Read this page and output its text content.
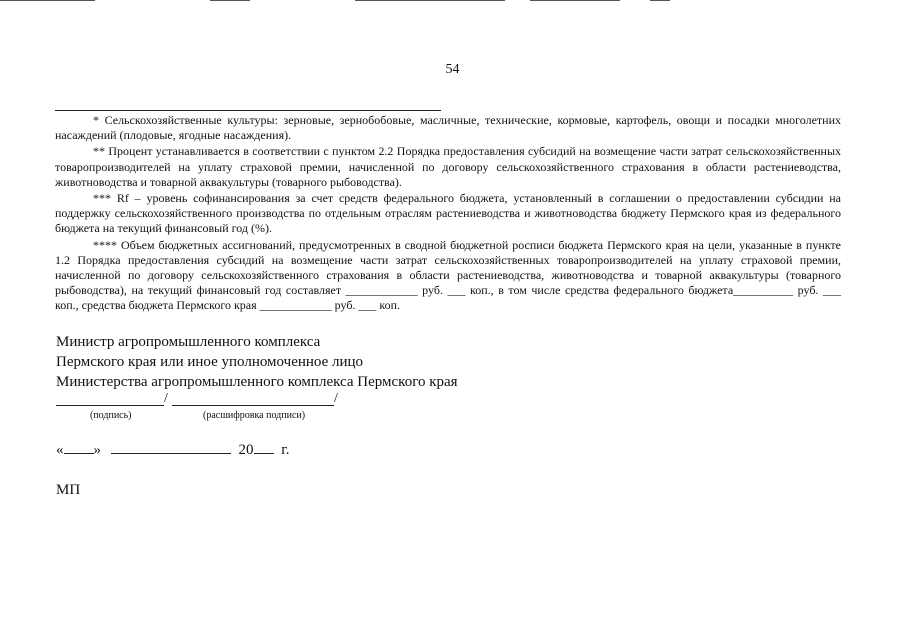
54

* Сельскохозяйственные культуры: зерновые, зернобобовые, масличные, технические, кормовые, картофель, овощи и посадки многолетних насаждений (плодовые, ягодные насаждения).

** Процент устанавливается в соответствии с пунктом 2.2 Порядка предоставления субсидий на возмещение части затрат сельскохозяйственных товаропроизводителей на уплату страховой премии, начисленной по договору сельскохозяйственного страхования в области растениеводства, животноводства и товарной аквакультуры (товарного рыбоводства).

*** Rf – уровень софинансирования за счет средств федерального бюджета, установленный в соглашении о предоставлении субсидии на поддержку сельскохозяйственного производства по отдельным отраслям растениеводства и животноводства бюджету Пермского края из федерального бюджета на текущий финансовый год (%).

**** Объем бюджетных ассигнований, предусмотренных в сводной бюджетной росписи бюджета Пермского края на цели, указанные в пункте 1.2 Порядка предоставления субсидий на возмещение части затрат сельскохозяйственных товаропроизводителей на уплату страховой премии, начисленной по договору сельскохозяйственного страхования в области растениеводства, животноводства и товарной аквакультуры (товарного рыбоводства), на текущий финансовый год составляет ____________ руб. ___ коп., в том числе средства федерального бюджета__________ руб. ___ коп., средства бюджета Пермского края ____________ руб. ___ коп.

Министр агропромышленного комплекса
Пермского края или иное уполномоченное лицо
Министерства агропромышленного комплекса Пермского края
/	/
(подпись)	(расшифровка подписи)
« »	20 г.
МП
